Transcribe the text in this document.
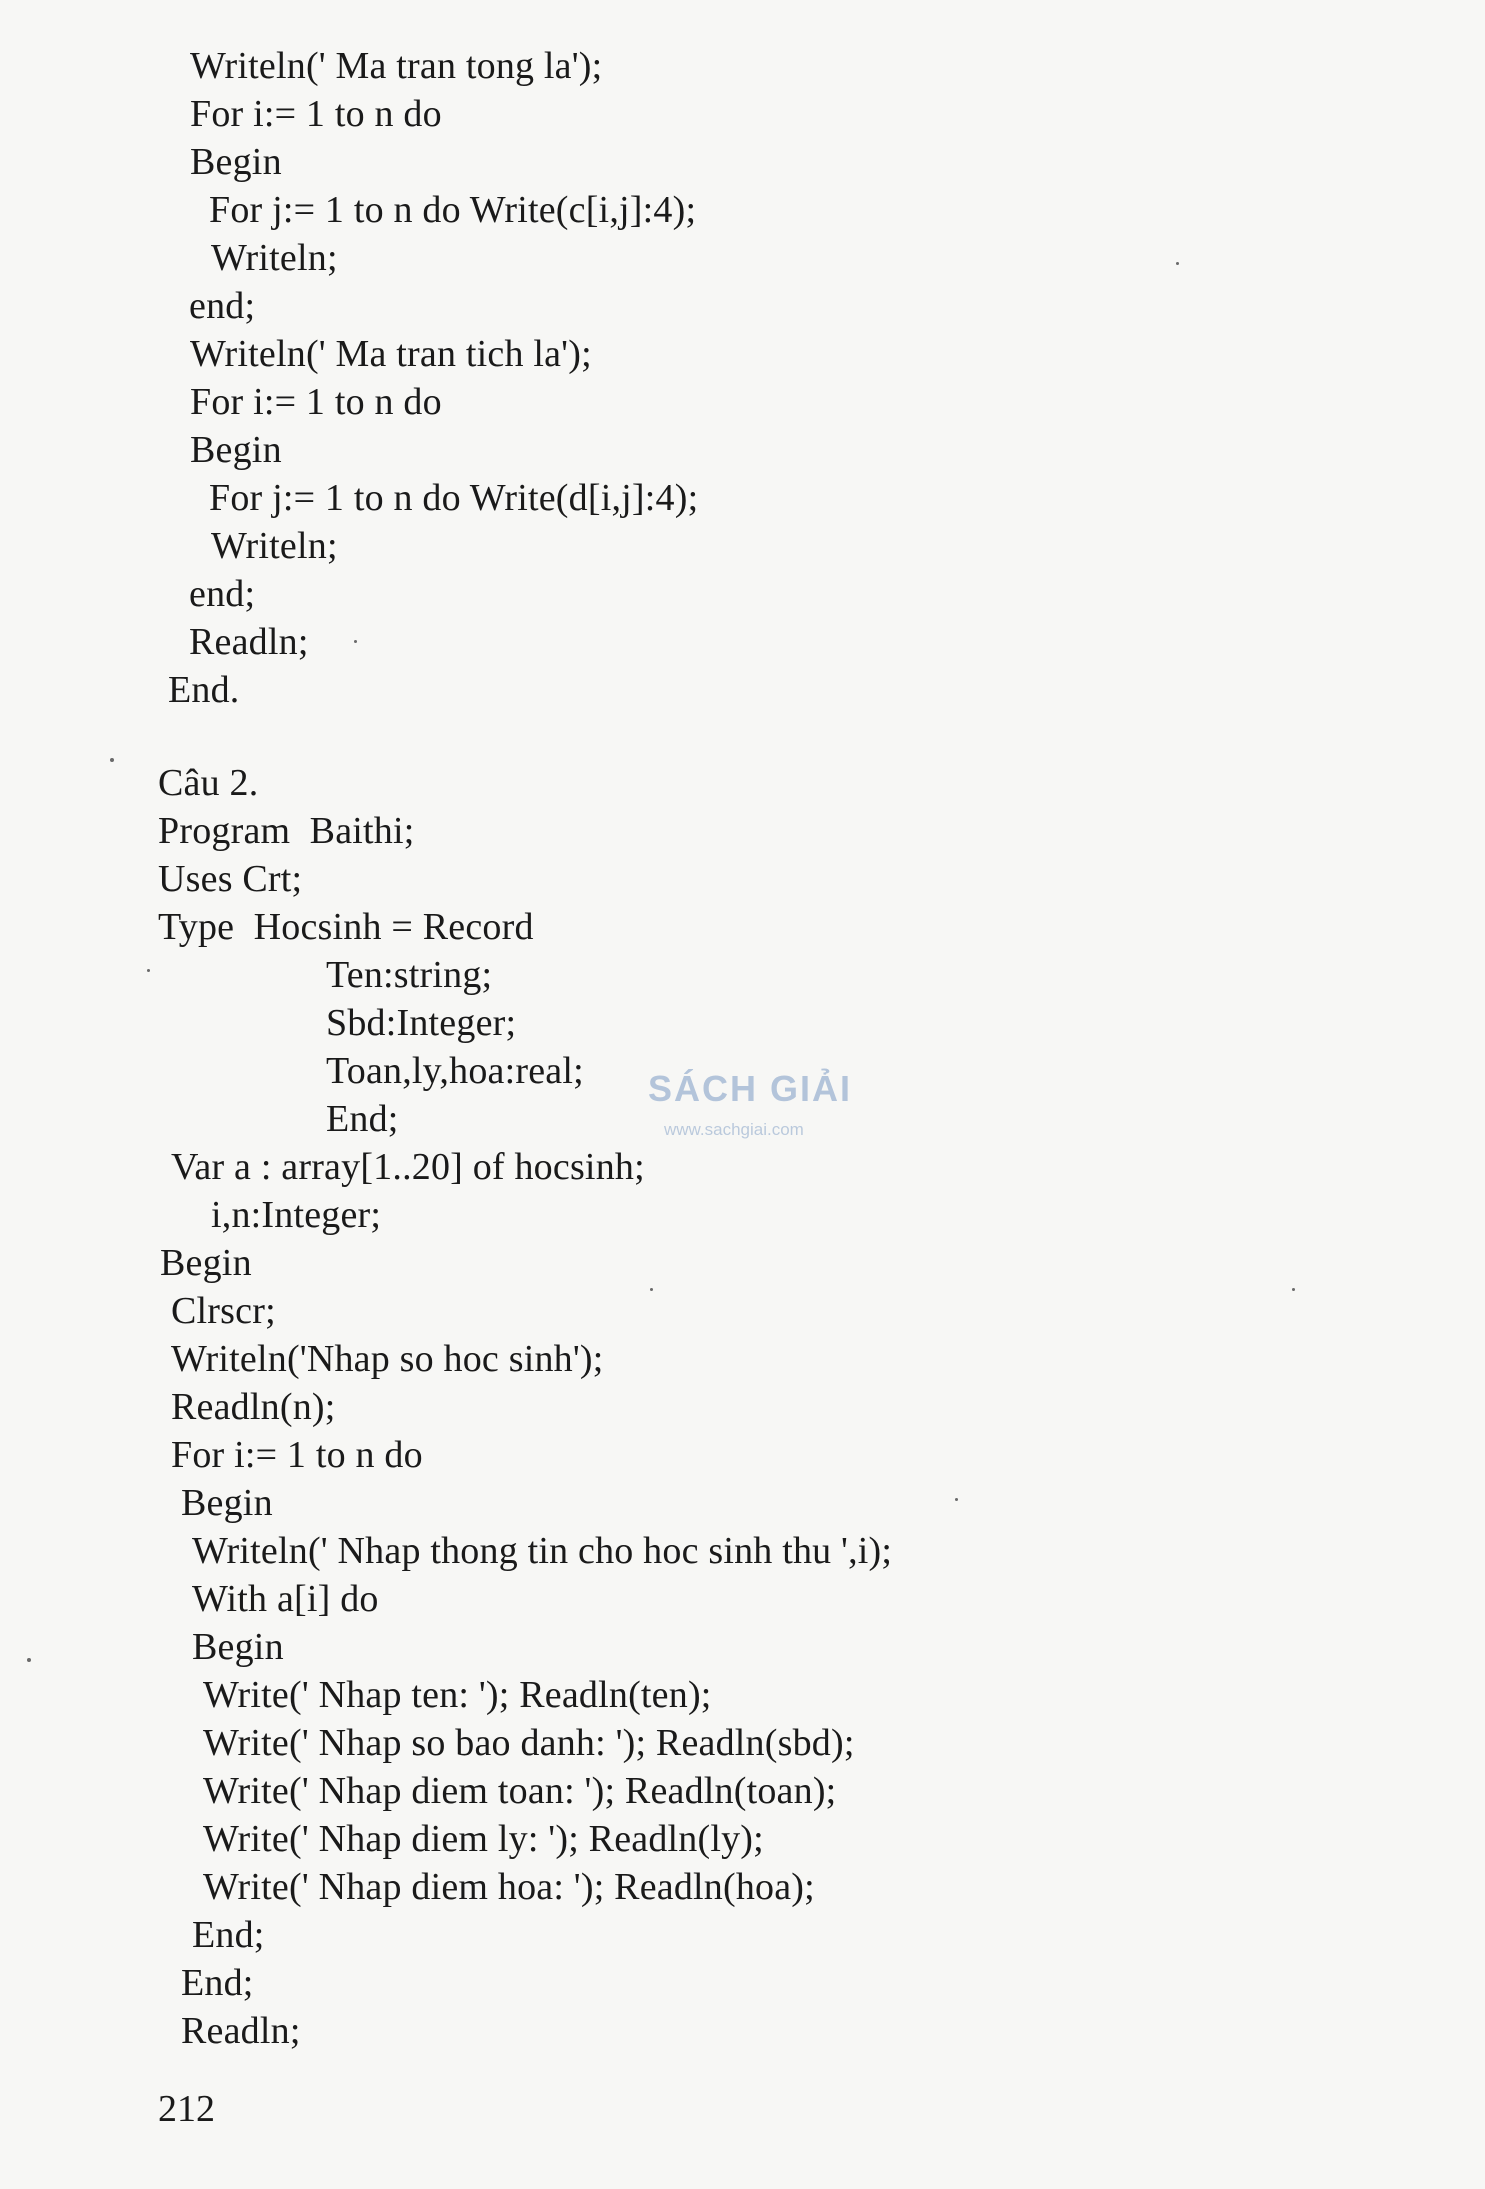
Writeln(' Ma tran tong la');
For i:= 1 to n do
Begin
For j:= 1 to n do Write(c[i,j]:4);
Writeln;
end;
Writeln(' Ma tran tich la');
For i:= 1 to n do
Begin
For j:= 1 to n do Write(d[i,j]:4);
Writeln;
end;
Readln;
End.
Câu 2.
Program  Baithi;
Uses Crt;
Type  Hocsinh = Record
Ten:string;
Sbd:Integer;
Toan,ly,hoa:real;
End;
Var a : array[1..20] of hocsinh;
i,n:Integer;
Begin
Clrscr;
Writeln('Nhap so hoc sinh');
Readln(n);
For i:= 1 to n do
Begin
Writeln(' Nhap thong tin cho hoc sinh thu ',i);
With a[i] do
Begin
Write(' Nhap ten: '); Readln(ten);
Write(' Nhap so bao danh: '); Readln(sbd);
Write(' Nhap diem toan: '); Readln(toan);
Write(' Nhap diem ly: '); Readln(ly);
Write(' Nhap diem hoa: '); Readln(hoa);
End;
End;
Readln;
212
SÁCH GIẢI
www.sachgiai.com
